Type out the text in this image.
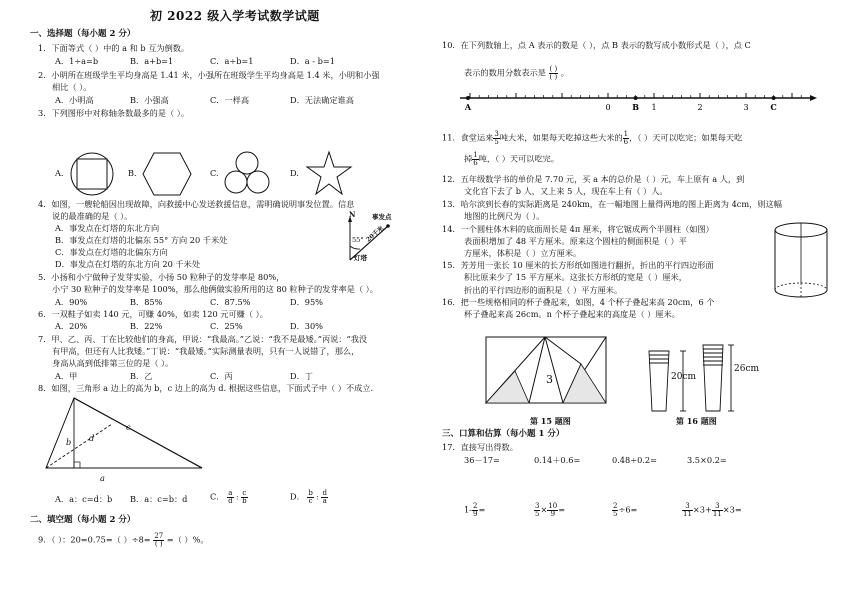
初 2022 级入学考试数学试题
一、选择题（每小题 2 分）
1．下面等式（ ）中的 a 和 b 互为倒数。
A．1÷a=b	B．a+b=1	C．a÷b=1	D．a - b=1
2．小明所在班级学生平均身高是 1.41 米，小强所在班级学生平均身高是 1.4 米，小明和小强
相比（ ）。
A．小明高	B．小强高	C．一样高	D．无法确定谁高
3．下列图形中对称轴条数最多的是（ ）。
A.	B.	C.	D.
4．如图，一艘轮船因出现故障，向救援中心发送救援信息，需明确说明事发位置。信息
说的最准确的是（ ）。
A．事发点在灯塔的东北方向
B．事发点在灯塔的北偏东 55° 方向 20 千米处
C．事发点在灯塔的北偏东方向
D．事发点在灯塔的东北方向 20 千米处
N	事发点
55° 20千米
灯塔
5．小扬和小宁做种子发芽实验，小扬 50 粒种子的发芽率是 80%，
小宁 30 粒种子的发芽率是 100%，那么他俩做实验所用的这 80 粒种子的发芽率是（ ）。
A．90%	B．85%	C．87.5%	D．95%
6．一双鞋子如卖 140 元，可赚 40%，如卖 120 元可赚（ ）。
A．20%	B．22%	C．25%	D．30%
7．甲、乙、丙、丁在比较他们的身高，甲说：“我最高。”乙说：“我不是最矮。”丙说：“我没
有甲高，但还有人比我矮。”丁说：“我最矮。”实际测量表明，只有一人说错了，那么，
身高从高到低排第三位的是（ ）。
A．甲	B．乙	C．丙	D．丁
8．如图，三角形 a 边上的高为 b，c 边上的高为 d. 根据这些信息，下面式子中（ ）不成立.
b d
c
a
A．a：c=d：b B．a：c=b：d	C． $\frac{a}{d}$ : $\frac{c}{b}$	D． $\frac{b}{c}$ : $\frac{d}{a}$
二、填空题（每小题 2 分）
9．（ ）：20=0.75=（ ）$\div 8= \frac{27}{( )}$ =（ ）%。
10．在下列数轴上，点 A 表示的数是（ ），点 B 表示的数写成小数形式是（ ），点 C
表示的数用分数表示是 $\frac{( )}{( )}$ 。
A	0	B 1	2	3	C
11．食堂运来 $\frac{3}{5}$ 吨大米，如果每天吃掉这些大米的 $\frac{1}{6}$ ，（ ）天可以吃完；如果每天吃
掉 $\frac{1}{6}$ 吨，（ ）天可以吃完。
12．五年级数学书的单价是 7.70 元，买 a 本的总价是（ ）元，车上原有 a 人，到
文化宫下去了 b 人，又上来 5 人，现在车上有（ ）人。
13．哈尔滨到长春的实际距离是 240km，在一幅地图上量得两地的图上距离为 4cm，则这幅
地图的比例尺为（ ）。
14．一个圆柱体木料的底面周长是 4π 厘米，将它锯成两个半圆柱（如图）
表面积增加了 48 平方厘米。原来这个圆柱的侧面积是（ ）平
方厘米，体积是（ ）立方厘米。
15．芳芳用一张长 10 厘米的长方形纸如图进行翻折，折出的平行四边形面
积比原来少了 15 平方厘米。这张长方形纸的宽是（ ）厘米，
折出的平行四边形的面积是（ ）平方厘米。
16．把一些规格相同的杯子叠起来，如图，4 个杯子叠起来高 20cm，6 个
杯子叠起来高 26cm。n 个杯子叠起来的高度是（ ）厘米。
3	20cm
26cm
第 15 题图	第 16 题图
三、口算和估算（每小题 1 分）
17．直接写出得数。
36－17=	0.14＋0.6=	0.48÷0.2=	3.5×0.2=
$1- \frac{2}{9}$ =	$\frac{3}{5} \times \frac{10}{9}$ =	$\frac{2}{5} \div 6=$	$\frac{3}{11} \times 3+ \frac{3}{11} \times 3=$
